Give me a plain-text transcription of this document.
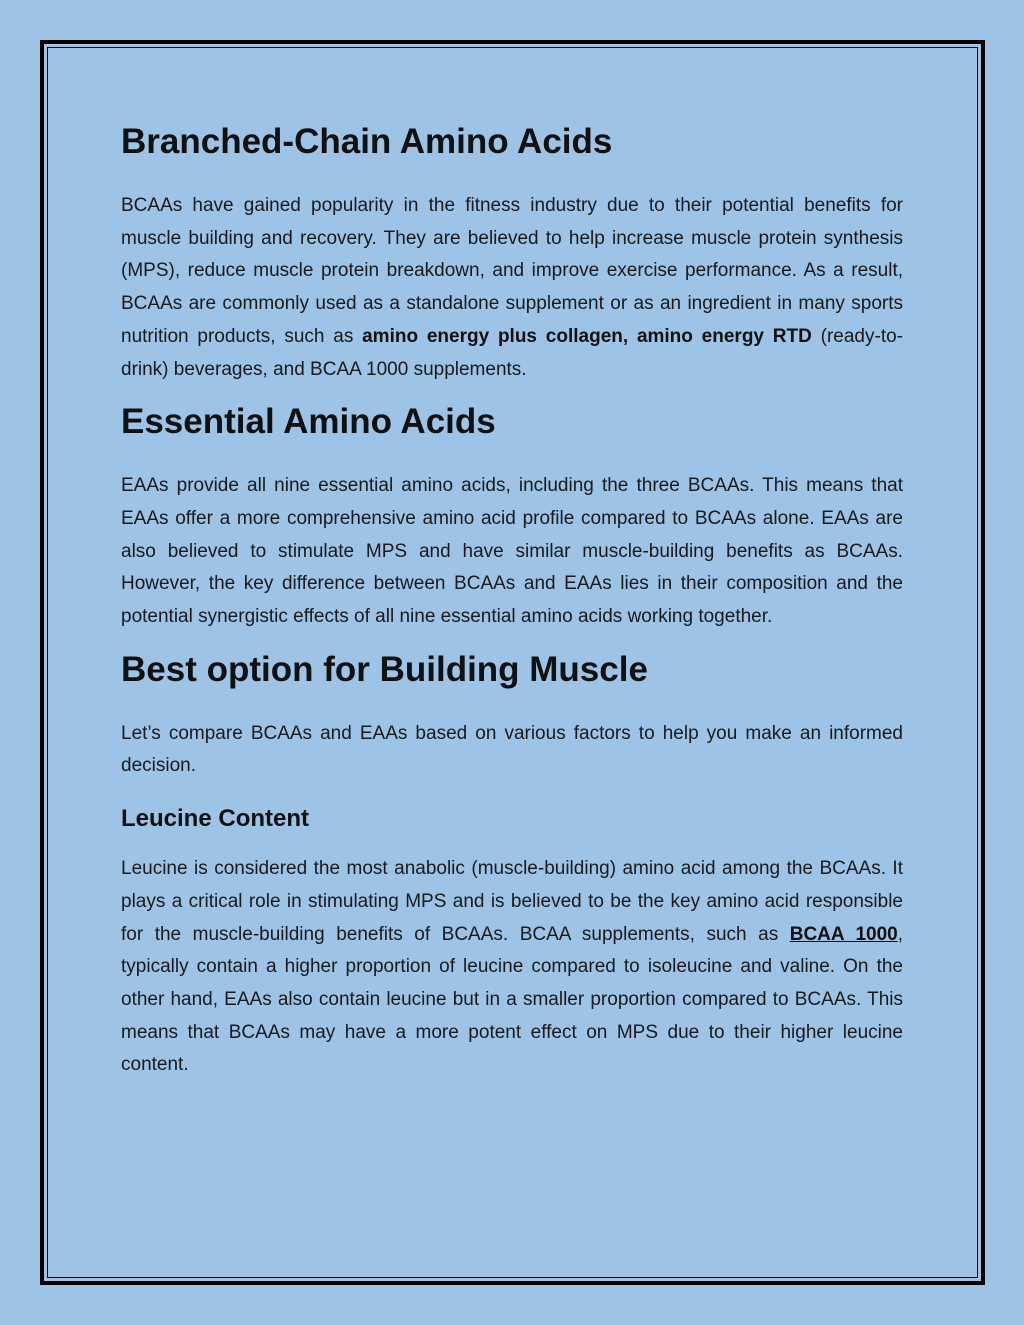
Branched-Chain Amino Acids

BCAAs have gained popularity in the fitness industry due to their potential benefits for muscle building and recovery. They are believed to help increase muscle protein synthesis (MPS), reduce muscle protein breakdown, and improve exercise performance. As a result, BCAAs are commonly used as a standalone supplement or as an ingredient in many sports nutrition products, such as amino energy plus collagen, amino energy RTD (ready-to-drink) beverages, and BCAA 1000 supplements.

Essential Amino Acids

EAAs provide all nine essential amino acids, including the three BCAAs. This means that EAAs offer a more comprehensive amino acid profile compared to BCAAs alone. EAAs are also believed to stimulate MPS and have similar muscle-building benefits as BCAAs. However, the key difference between BCAAs and EAAs lies in their composition and the potential synergistic effects of all nine essential amino acids working together.

Best option for Building Muscle

Let’s compare BCAAs and EAAs based on various factors to help you make an informed decision.

Leucine Content

Leucine is considered the most anabolic (muscle-building) amino acid among the BCAAs. It plays a critical role in stimulating MPS and is believed to be the key amino acid responsible for the muscle-building benefits of BCAAs. BCAA supplements, such as BCAA 1000, typically contain a higher proportion of leucine compared to isoleucine and valine. On the other hand, EAAs also contain leucine but in a smaller proportion compared to BCAAs. This means that BCAAs may have a more potent effect on MPS due to their higher leucine content.
